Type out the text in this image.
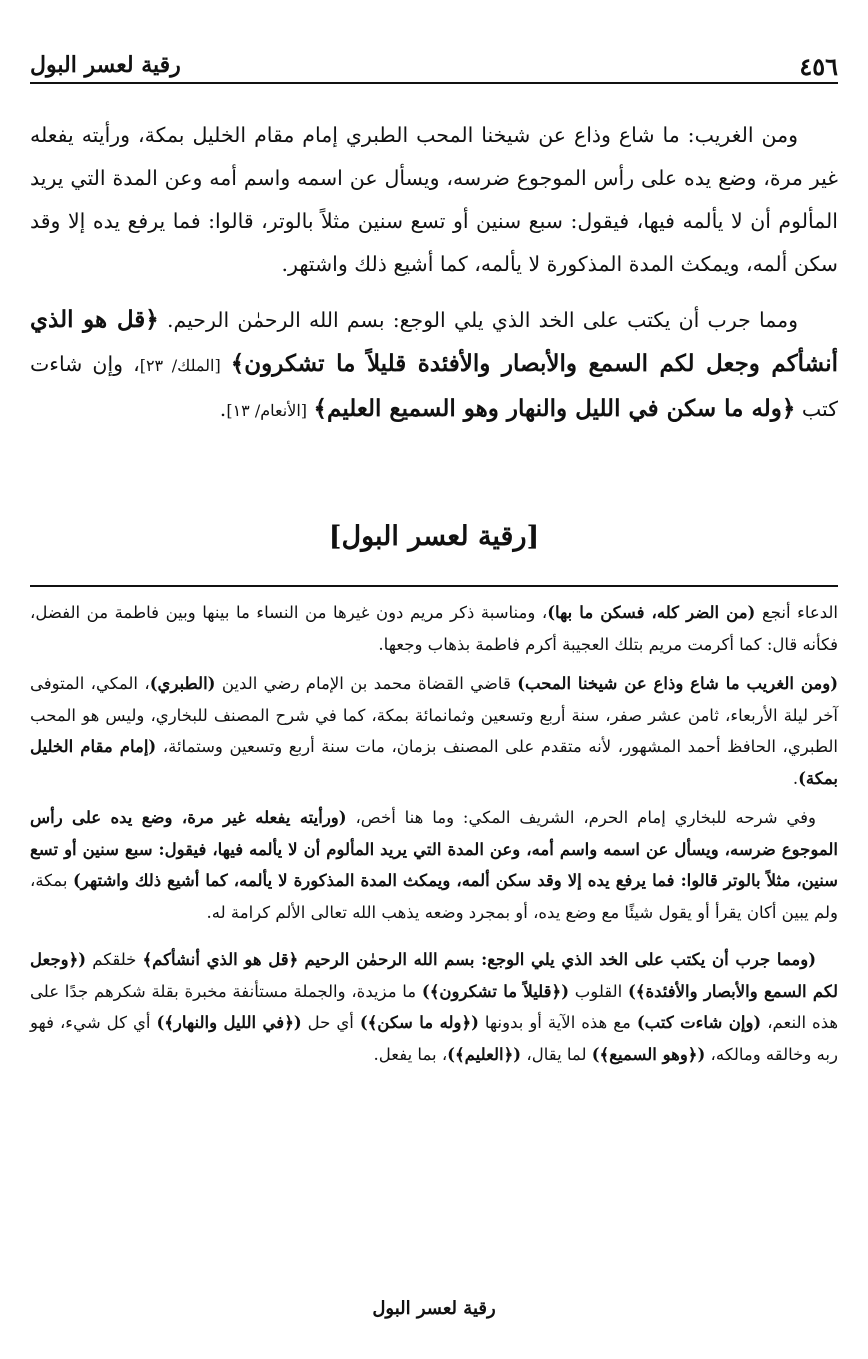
٤٥٦
رقية لعسر البول

ومن الغريب: ما شاع وذاع عن شيخنا المحب الطبري إمام مقام الخليل بمكة، ورأيته يفعله غير مرة، وضع يده على رأس الموجوع ضرسه، ويسأل عن اسمه واسم أمه وعن المدة التي يريد المألوم أن لا يألمه فيها، فيقول: سبع سنين أو تسع سنين مثلاً بالوتر، قالوا: فما يرفع يده إلا وقد سكن ألمه، ويمكث المدة المذكورة لا يألمه، كما أشيع ذلك واشتهر.

ومما جرب أن يكتب على الخد الذي يلي الوجع: بسم الله الرحمٰن الرحيم. ﴿قل هو الذي أنشأكم وجعل لكم السمع والأبصار والأفئدة قليلاً ما تشكرون﴾ [الملك/ ٢٣]، وإن شاءت كتب ﴿وله ما سكن في الليل والنهار وهو السميع العليم﴾ [الأنعام/ ١٣].

[رقية لعسر البول]

الدعاء أنجع (من الضر كله، فسكن ما بها)، ومناسبة ذكر مريم دون غيرها من النساء ما بينها وبين فاطمة من الفضل، فكأنه قال: كما أكرمت مريم بتلك العجيبة أكرم فاطمة بذهاب وجعها.

(ومن الغريب ما شاع وذاع عن شيخنا المحب) قاضي القضاة محمد بن الإمام رضي الدين (الطبري)، المكي، المتوفى آخر ليلة الأربعاء، ثامن عشر صفر، سنة أربع وتسعين وثمانمائة بمكة، كما في شرح المصنف للبخاري، وليس هو المحب الطبري، الحافظ أحمد المشهور، لأنه متقدم على المصنف بزمان، مات سنة أربع وتسعين وستمائة، (إمام مقام الخليل بمكة).

وفي شرحه للبخاري إمام الحرم، الشريف المكي: وما هنا أخص، (ورأيته يفعله غير مرة، وضع يده على رأس الموجوع ضرسه، ويسأل عن اسمه واسم أمه، وعن المدة التي يريد المألوم أن لا يألمه فيها، فيقول: سبع سنين أو تسع سنين، مثلاً بالوتر قالوا: فما يرفع يده إلا وقد سكن ألمه، ويمكث المدة المذكورة لا يألمه، كما أشيع ذلك واشتهر) بمكة، ولم يبين أكان يقرأ أو يقول شيئًا مع وضع يده، أو بمجرد وضعه يذهب الله تعالى الألم كرامة له.

(ومما جرب أن يكتب على الخد الذي يلي الوجع: بسم الله الرحمٰن الرحيم ﴿قل هو الذي أنشأكم﴾ خلقكم (﴿وجعل لكم السمع والأبصار والأفئدة﴾) القلوب (﴿قليلاً ما تشكرون﴾) ما مزيدة، والجملة مستأنفة مخبرة بقلة شكرهم جدًا على هذه النعم، (وإن شاءت كتب) مع هذه الآية أو بدونها (﴿وله ما سكن﴾) أي حل (﴿في الليل والنهار﴾) أي كل شيء، فهو ربه وخالقه ومالكه، (﴿وهو السميع﴾) لما يقال، (﴿العليم﴾)، بما يفعل.

رقية لعسر البول
